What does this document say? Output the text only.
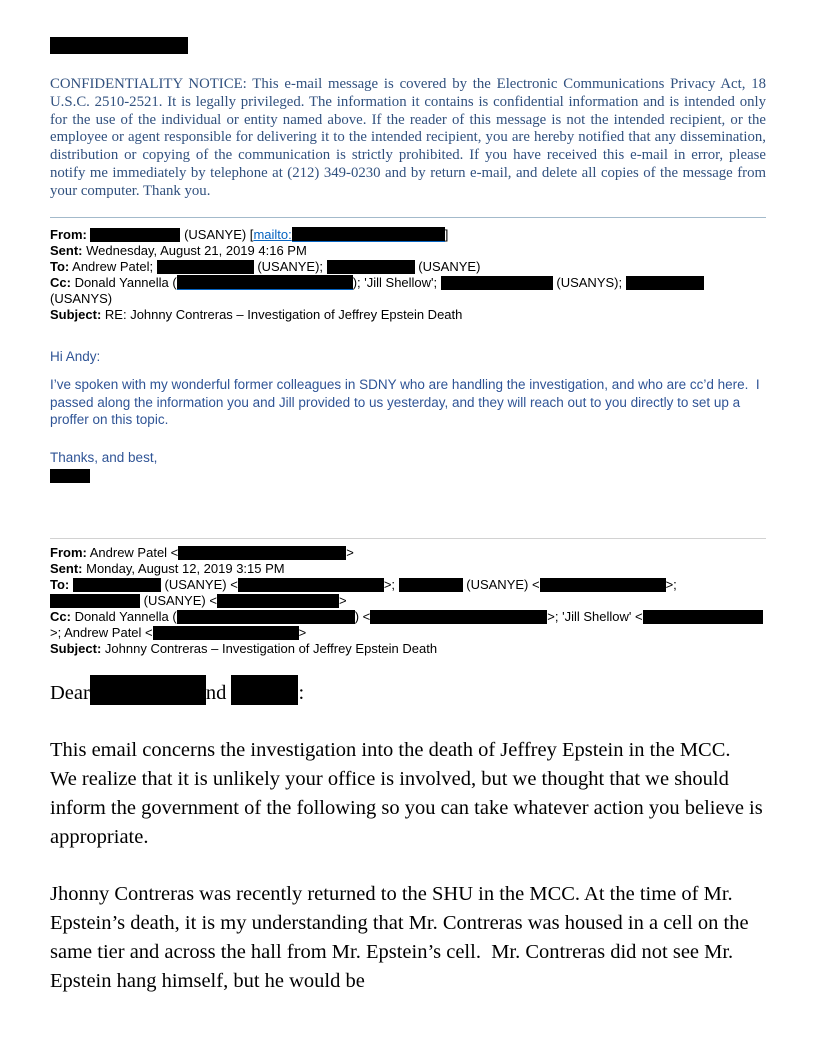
CONFIDENTIALITY NOTICE: This e-mail message is covered by the Electronic Communications Privacy Act, 18 U.S.C. 2510-2521. It is legally privileged. The information it contains is confidential information and is intended only for the use of the individual or entity named above. If the reader of this message is not the intended recipient, or the employee or agent responsible for delivering it to the intended recipient, you are hereby notified that any dissemination, distribution or copying of the communication is strictly prohibited. If you have received this e-mail in error, please notify me immediately by telephone at (212) 349-0230 and by return e-mail, and delete all copies of the message from your computer. Thank you.
From:	(USANYE) [mailto:	]
Sent: Wednesday, August 21, 2019 4:16 PM
To: Andrew Patel;	(USANYE);	(USANYE)
Cc: Donald Yannella (	); 'Jill Shellow';	(USANYS);  (USANYS)
Subject: RE: Johnny Contreras – Investigation of Jeffrey Epstein Death
Hi Andy:
I’ve spoken with my wonderful former colleagues in SDNY who are handling the investigation, and who are cc’d here.  I passed along the information you and Jill provided to us yesterday, and they will reach out to you directly to set up a proffer on this topic.
Thanks, and best,
From: Andrew Patel <	>
Sent: Monday, August 12, 2019 3:15 PM
To:	(USANYE) <	>;	(USANYE) <	>;  (USANYE) <	>
Cc: Donald Yannella (	) <	>; 'Jill Shellow' <>; Andrew Patel <	>
Subject: Johnny Contreras – Investigation of Jeffrey Epstein Death
Dear	nd	:
This email concerns the investigation into the death of Jeffrey Epstein in the MCC.  We realize that it is unlikely your office is involved, but we thought that we should inform the government of the following so you can take whatever action you believe is appropriate.
Jhonny Contreras was recently returned to the SHU in the MCC. At the time of Mr. Epstein’s death, it is my understanding that Mr. Contreras was housed in a cell on the same tier and across the hall from Mr. Epstein’s cell.  Mr. Contreras did not see Mr. Epstein hang himself, but he would be
